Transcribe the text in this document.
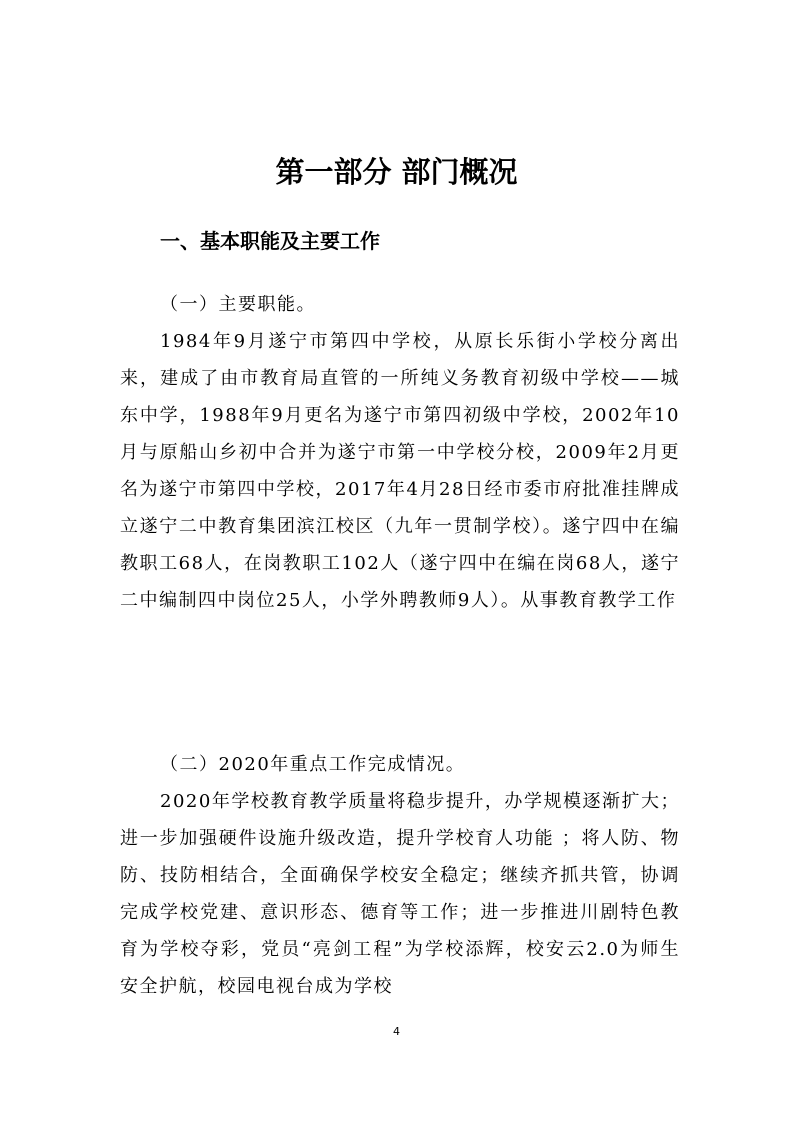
第一部分 部门概况
一、基本职能及主要工作
（一）主要职能。

1984年9月遂宁市第四中学校，从原长乐街小学校分离出来，建成了由市教育局直管的一所纯义务教育初级中学校——城东中学，1988年9月更名为遂宁市第四初级中学校，2002年10月与原船山乡初中合并为遂宁市第一中学校分校，2009年2月更名为遂宁市第四中学校，2017年4月28日经市委市府批准挂牌成立遂宁二中教育集团滨江校区（九年一贯制学校）。遂宁四中在编教职工68人，在岗教职工102人（遂宁四中在编在岗68人，遂宁二中编制四中岗位25人，小学外聘教师9人）。从事教育教学工作

（二）2020年重点工作完成情况。

2020年学校教育教学质量将稳步提升，办学规模逐渐扩大；进一步加强硬件设施升级改造，提升学校育人功能 ；将人防、物防、技防相结合，全面确保学校安全稳定；继续齐抓共管，协调完成学校党建、意识形态、德育等工作；进一步推进川剧特色教育为学校夺彩，党员“亮剑工程”为学校添辉，校安云2.0为师生安全护航，校园电视台成为学校

4
